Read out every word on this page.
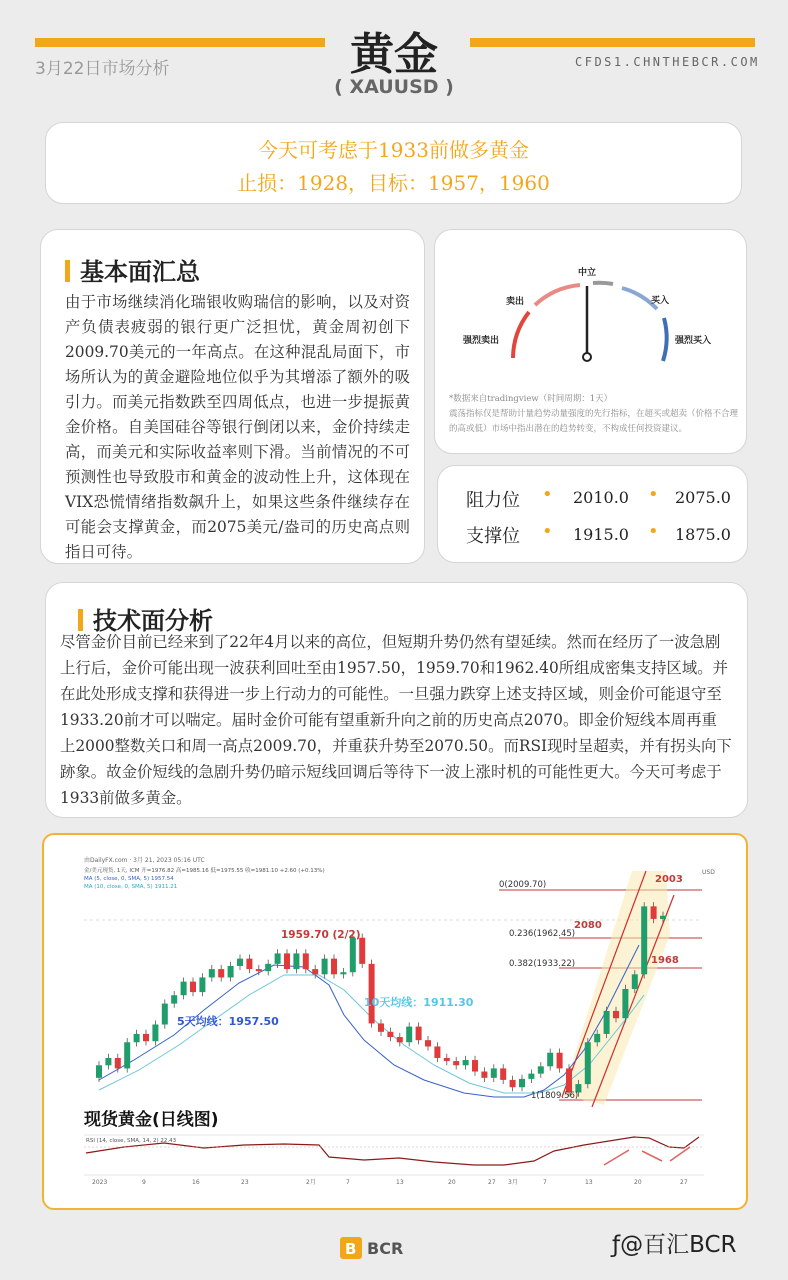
3月22日市场分析	CFDS1.CHNTHEBCR.COM
黄金
( XAUUSD )
今天可考虑于1933前做多黄金
止损：1928，目标：1957，1960
基本面汇总
由于市场继续消化瑞银收购瑞信的影响，以及对资产负债表疲弱的银行更广泛担忧，黄金周初创下2009.70美元的一年高点。在这种混乱局面下，市场所认为的黄金避险地位似乎为其增添了额外的吸引力。而美元指数跌至四周低点，也进一步提振黄金价格。自美国硅谷等银行倒闭以来，金价持续走高，而美元和实际收益率则下滑。当前情况的不可预测性也导致股市和黄金的波动性上升，这体现在VIX恐慌情绪指数飙升上，如果这些条件继续存在可能会支撑黄金，而2075美元/盎司的历史高点则指日可待。
中立
卖出	买入
强烈卖出	强烈买入
*数据来自tradingview（时间周期：1天）
震荡指标仅是帮助计量趋势动量强度的先行指标，在超买或超卖（价格不合理的高或低）市场中指出潜在的趋势转变，不构成任何投资建议。
阻力位 • 2010.0 • 2075.0
支撑位 • 1915.0 • 1875.0
技术面分析
尽管金价目前已经来到了22年4月以来的高位，但短期升势仍然有望延续。然而在经历了一波急剧上行后，金价可能出现一波获利回吐至由1957.50，1959.70和1962.40所组成密集支持区域。并在此处形成支撑和获得进一步上行动力的可能性。一旦强力跌穿上述支持区域，则金价可能退守至1933.20前才可以喘定。届时金价可能有望重新升向之前的历史高点2070。即金价短线本周再重上2000整数关口和周一高点2009.70，并重获升势至2070.50。而RSI现时呈超卖，并有拐头向下跡象。故金价短线的急剧升势仍暗示短线回调后等待下一波上涨时机的可能性更大。今天可考虑于1933前做多黄金。
由DailyFX.com · 3月 21, 2023 05:16 UTC
金/美元现货, 1天, ICM 开=1976.82 高=1985.16 低=1975.55 收=1981.10 +2.60 (+0.13%)
MA (5, close, 0, SMA, 5) 1957.54
MA (10, close, 0, SMA, 5) 1911.21
USD
1959.70 (2/2)
10天均线：1911.30
5天均线：1957.50
0(2009.70)
0.236(1962.45)
0.382(1933.22)
1(1809.56)
2003
2080
1968
现货黄金(日线图)
RSI (14, close, SMA, 14, 2) 22.43
2023	9	16	23	2月	7	13	20	27 3月	7	13	20	27
B BCR	ƒ@百汇BCR
